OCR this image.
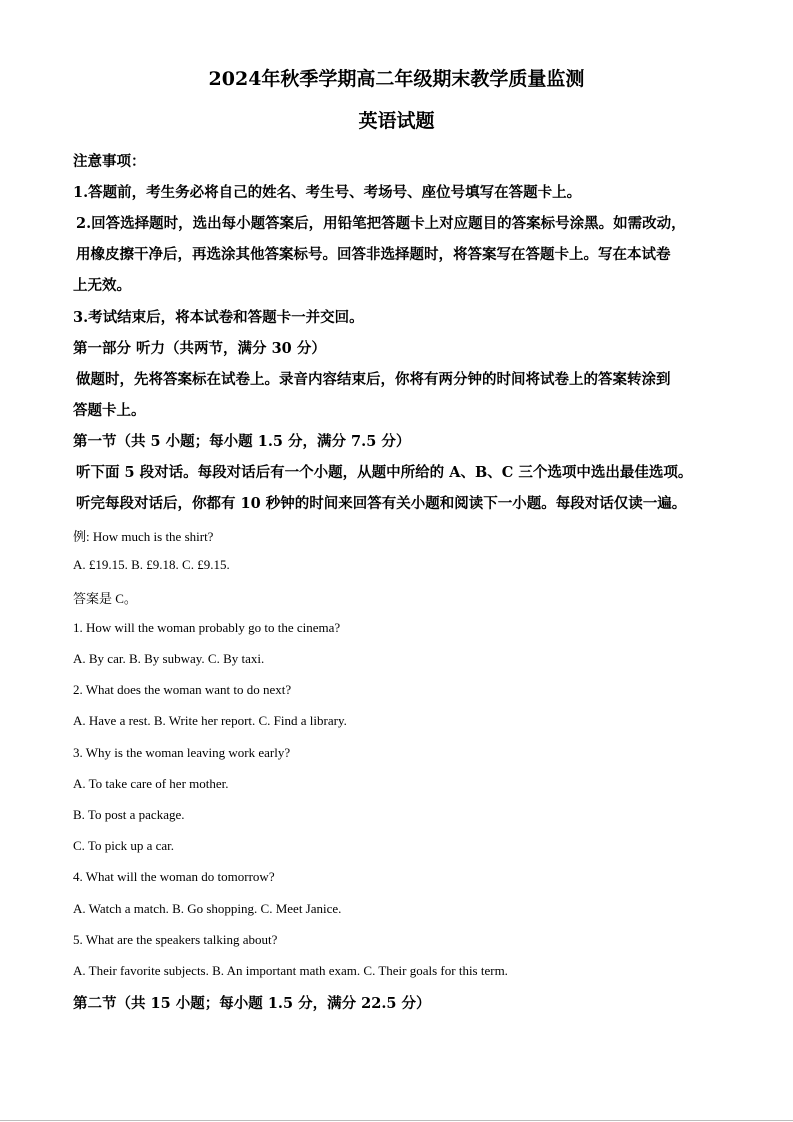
2024年秋季学期高二年级期末教学质量监测
英语试题
注意事项：
1.答题前，考生务必将自己的姓名、考生号、考场号、座位号填写在答题卡上。
2.回答选择题时，选出每小题答案后，用铅笔把答题卡上对应题目的答案标号涂黑。如需改动，
用橡皮擦干净后，再选涂其他答案标号。回答非选择题时，将答案写在答题卡上。写在本试卷
上无效。
3.考试结束后，将本试卷和答题卡一并交回。
第一部分 听力（共两节，满分 30 分）
做题时，先将答案标在试卷上。录音内容结束后，你将有两分钟的时间将试卷上的答案转涂到
答题卡上。
第一节（共 5 小题；每小题 1.5 分，满分 7.5 分）
听下面 5 段对话。每段对话后有一个小题，从题中所给的 A、B、C 三个选项中选出最佳选项。
听完每段对话后，你都有 10 秒钟的时间来回答有关小题和阅读下一小题。每段对话仅读一遍。
例: How much is the shirt?
A. £19.15. B. £9.18. C. £9.15.
答案是 C。
1. How will the woman probably go to the cinema?
A. By car. B. By subway. C. By taxi.
2. What does the woman want to do next?
A. Have a rest. B. Write her report. C. Find a library.
3. Why is the woman leaving work early?
A. To take care of her mother.
B. To post a package.
C. To pick up a car.
4. What will the woman do tomorrow?
A. Watch a match. B. Go shopping. C. Meet Janice.
5. What are the speakers talking about?
A. Their favorite subjects. B. An important math exam. C. Their goals for this term.
第二节（共 15 小题；每小题 1.5 分，满分 22.5 分）
